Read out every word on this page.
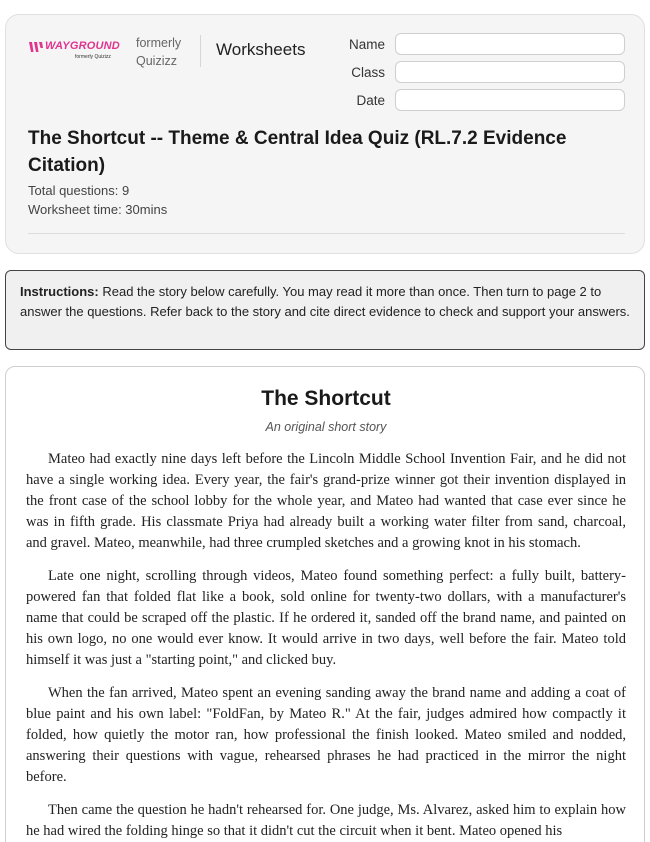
WAYGROUND
formerly Quizizz
formerly Quizizz
Worksheets	Name
Class
Date
The Shortcut -- Theme & Central Idea Quiz (RL.7.2 Evidence Citation)
Total questions: 9
Worksheet time: 30mins
Instructions: Read the story below carefully. You may read it more than once. Then turn to page 2 to answer the questions. Refer back to the story and cite direct evidence to check and support your answers.
The Shortcut
An original short story

Mateo had exactly nine days left before the Lincoln Middle School Invention Fair, and he did not have a single working idea. Every year, the fair's grand-prize winner got their invention displayed in the front case of the school lobby for the whole year, and Mateo had wanted that case ever since he was in fifth grade. His classmate Priya had already built a working water filter from sand, charcoal, and gravel. Mateo, meanwhile, had three crumpled sketches and a growing knot in his stomach.

Late one night, scrolling through videos, Mateo found something perfect: a fully built, battery-powered fan that folded flat like a book, sold online for twenty-two dollars, with a manufacturer's name that could be scraped off the plastic. If he ordered it, sanded off the brand name, and painted on his own logo, no one would ever know. It would arrive in two days, well before the fair. Mateo told himself it was just a "starting point," and clicked buy.

When the fan arrived, Mateo spent an evening sanding away the brand name and adding a coat of blue paint and his own label: "FoldFan, by Mateo R." At the fair, judges admired how compactly it folded, how quietly the motor ran, how professional the finish looked. Mateo smiled and nodded, answering their questions with vague, rehearsed phrases he had practiced in the mirror the night before.

Then came the question he hadn't rehearsed for. One judge, Ms. Alvarez, asked him to explain how he had wired the folding hinge so that it didn't cut the circuit when it bent. Mateo opened his
